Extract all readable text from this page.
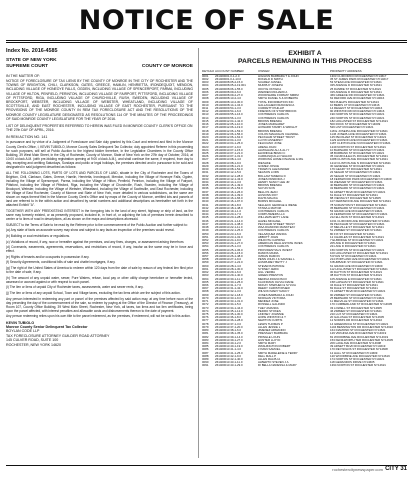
NOTICE OF SALE
Index No. 2016-4585
STATE OF NEW YORK
SUPREME COURT
	COUNTY OF MONROE
IN THE MATTER OF:
NOTICE OF FORECLOSURE OF TAX LIENS BY THE COUNTY OF MONROE IN THE CITY OF ROCHESTER AND THE TOWNS OF BRIGHTON, CHILI, CLARKSON, GATES, GREECE, HAMLIN, HENRIETTA, IRONDEQUOIT, MENDON, INCLUDING VILLAGE OF HONEOYE FALLS, OGDEN, INCLUDING VILLAGE OF SPENCERPORT, PARMA, INCLUDING VILLAGE OF HILTON, PENFIELD, PERINTON, INCLUDING VILLAGE OF FAIRPORT, PITTSFORD, INCLUDING VILLAGE OF PITTSFORD, RIGA, INCLUDING VILLAGE OF CHURCHVILLE, RUSH, SWEDEN, INCLUDING VILLAGE OF BROCKPORT, WEBSTER, INCLUDING VILLAGE OF WEBSTER, WHEATLAND, INCLUDING VILLAGE OF SCOTTSVILLE, AND EAST ROCHESTER, INCLUDING VILLAGE OF EAST ROCHESTER, PURSUANT TO THE PROVISIONS OF THE MONROE COUNTY IN REM TAX FORECLOSURE ACT AND THE RESOLUTIONS OF THE MONROE COUNTY LEGISLATURE DESIGNATED AS RESOLUTIONS 114 OF THE MINUTES OF THE PROCEEDINGS OF SAID MONROE COUNTY LEGISLATURE FOR THE YEAR OF 2016.
LIST OF DELINQUENT PROPERTIES REFERRED TO HEREIN WAS FILED IN MONROE COUNTY CLERK'S OFFICE ON THE 27th DAY OF APRIL, 2016.
IN REM ACTION NO. 141

In pursuance and by virtue of a Judgment of Foreclosure and Sale duly granted by this Court and entered and filed in the Monroe County Clerk's Office, I, KEVIN TUBIOLO, Monroe County Sales Delinquent Tax Collector, duly appointed Referee in this proceeding for such purposes, will sell at Public Auction to the highest bidder therefore, in the Legislative Chambers in the County Office Building, 39 West Main Street, in the City of Rochester, County of Monroe, State of New York on the 27th day of October, 2016, at 10:00 o'clock A.M. (with pre-bidding registration opening at 9:00 o'clock A.M.), and shall continue the same, if required, from day to day, excepting and omitting Saturdays, Sundays and public or legal holidays, the premises directed and in pursuance to be sold and designated in said judgment described as follows:

ALL THE FOLLOWING LOTS, PARTS OF LOTS AND PARCELS OF LAND, situate in the City of Rochester and the Towns of Brighton, Chili, Clarkson, Gates, Greece, Hamlin, Henrietta, Irondequoit, Mendon, including the Village of Honeoye Falls, Ogden, including the Village of Spencerport, Parma, including the Village of Hilton, Penfield, Perinton, including the Village of Fairport, Pittsford, including the Village of Pittsford, Riga, including the Village of Churchville, Rush, Sweden, including the Village of Brockport, Webster, including the Village of Webster, Wheatland, including the Village of Scottsville, and East Rochester, including the Village of East Rochester, County of Monroe and State of New York, more detailed in various subdivisions, as the same are shown on maps thereof filed in the Monroe County Clerk's Office and by maps of the County of Monroe, certified lots and parcels of land are referred to in the within action and described by serial numbers and additional descriptions as hereinafter set forth in the attached Exhibit "A".

TOGETHER WITH ANY PREEXISTING INTEREST in the foregoing lots in the land of any street, highway or strip of land, as the same may formerly existed, or as presently proposed, included in, in front of, or adjoining the lots of premises herein described to center or to lines of road in descriptions, all as shown on the maps and descriptions aforesaid.

SUBJECT to the Terms of Sale to be read by the Referee prior to the commencement of the Public Auction and further subject to:

(a) Any state of facts an accurate survey may show and subject to any facts an inspection of the premises would reveal.

(b) Building or zoal restrictions or regulations.

(c) Violations of record, if any, now or hereafter against the premises, and any fines, charges, or assessment arising therefrom.

(d) Covenants, easements, agreements, reservations, and restrictions of record, if any, insofar as the same may be in force and effect.

(e) Rights of tenants and/or occupants in possession if any.

(f) Security Agreements, conditional bills of sale and chattel mortgages, if any.

(g) The right of the United States of America to redeem within 120 days from the date of sale by reason of any federal lien filed prior to the date of sale, if any.

(h) The amount of any unpaid water, sewer, Pure Waters, refuse, local pay or other utility charge heretofore or hereafter levied, assessed or accrued against or with respect to such parcel.

(i) The lien or liens of unpaid City of Rochester taxes, assessments, water and sewer rents, if any.

(j) The lien or liens of any unpaid School, Town and Village taxes, excluding the tax liens which are the subject of this action.

Any person interested in redeeming any part or parcel of the premises affected by said action may, at any time before noon of the day preceding the day of the commencement of the sale, so redeem by paying at the Office of the Director of Finance (Treasury), at Room 107, County Office Building, 39 West Main Street, Rochester, New York, all taxes, tax liens and tax lien certificates, being upon the parcel affected, with interest penalties and allowable costs and disbursements thereon to the date of payment.

Any person redeeming relies upon his own title to the parcel redeemed, as the premises, if redeemed, will not be sold in this action.

KEVIN TUBIOLO
Monroe County Senior Delinquent Tax Collector
BOYLAN CODE LLP
TAX FORECLOSURE ATTORNEY GUILDER ROAD ATTORNEY
145 CULVER ROAD, SUITE 100
ROCHESTER, NEW YORK 14620
EXHIBIT A
PARCELS REMAINING IN THIS PROCESS
DETAIL# ACCOUNT NUMBER	OWNER	PROPERTY ADDRESS
0001	261400001.0-1-2.0	HIGGINS BARBARA T & JOHN	1303 CLIFFORD D ROCHESTER NY14617
0002	261400001.0-1-13.0	RONALD D SMITH	35 ST JAMES PARK ROCHESTER NY14617
0003	261400008.05-2-15.0	SUAREZ JANSEL	53 STEAD AVE ROCHESTER NY14621
0004	261400008.05-2-19.001	MURPHY JOSEPH	325 AVENUE D ROCHESTER NY14621
0005	261400008.06-1-55.0	OKOYE ONYEKA	25 DANBIE ST ROCHESTER NY14621
0006	261400008.09-2-6.0	WARREN RICHARD A	315 AVENUE D ROCHESTER NY14621
0007	261400008.09-2-27.0	WOODSHIRE FORMAT NMRM	469 GREECE RD ROCHESTER NY14621
0008	261400008.13-2-4.0	SMITH DANIEL S & ROBERTA	62 REFORD AVE ROCHESTER NY14616
0009	261400008.13-2-30.0	TOTAL INFORMATION INC	563 PHELPS ROCHESTER NY14613
0010	261400008.14-1-34.0	GALLAGHER FRANCESCA	10 BEMIS CT ROCHESTER NY14616
0011	261400009.54-1-3.0	CURRETTI PHILLIP	14 REGENT ST ROCHESTER NY14616
0012	261400009.54-1-6.0	FRIENDS OF STORYBROOK	90 WINSTON RD ROCHESTER NY14616
0013	261400009.55-1-16.0	CONTRERAS CARLOS	190 NORTON ST ROCHESTER NY14621
0014	261400009.56-1-3.0	CONTRERAS CARLOS	240 NORTON ST ROCHESTER NY14621
0015	261400012.04-1-42.0	BROWN BRENDA	182 HOLLISTER ST ROCHESTER NY14621
0016	261400012.05-1-10.0	JONES MARGARET	500 ROCK ST ROCHESTER NY14609
0017	261400012.06-1-19.0	HOWARD TAMMY & WRIGHT	526 LIST ROCHESTER NY14621
0018	261400012.06-1-53.0	BROWN BRENDA	118 E JOSEPH AVE ROCHESTER NY14621
0019	261400012.06-1-56.0	COLON MAGDALIN CHANDEL	1146 JOSEPH AVE ROCHESTER NY14621
0020	261400012.06-1-62.0	PECKHAM STREET TRUST	125 PECKHAM ST ROCHESTER NY14621
0021	261400013.04-1-3.0	LLOYD ASSEMSIY	1129 HUDSON AVE ROCHESTER NY14621
0022	261400013.04-1-25.0	FELICIANO JOSE	1187 CLINTON AVE N ROCHESTER NY14621
0023	261400013.07-1-9.0	ARENA JOAN	1249 NORTON ST ROCHESTER NY14621
0024	261400013.07-1-15.0	ALMIGHANI ALI & ALI Y	10 BARNARD ST ROCHESTER NY14621
0025	261400013.07-1-21.0	ELDRIDGE BRIAN C	38 BURBANK ST ROCHESTER NY14621
0026	261400013.07-1-31.0	CARRASQUILLO WALDO	35 CHURCHLEA PL ROCHESTER NY14621
0027	261400013.08-1-4.0	WORKING HOME FINANCE & MG	1088 CLINTON AVE ROCHESTER NY14621
0028	261400013.08-1-9.0	RIESHKE	1213 CLINTON AVE N ROCHESTER NY14621
0029	261400013.08-1-21.0	GOMEZ JOSUE	30 GENESEE ST ROCHESTER NY14621
0030	261400013.08-1-52.0	TRAWN S ALEXANDER	176 GEARY ST ROCHESTER NY14621
0031	261400013.12-1-5.0	SEASON LORN	22 SEGAR ST ROCHESTER NY14621
0032	261400013.12-1-28.0	BOLLAM TAMEKIA D	20 SEGAR ST ROCHESTER NY14621
0033	261400013.12-1-43.0	JONES PANDORA J	18 FERNWOOD PARK ROCHESTER NY14609
0034	261400013.14-1-3.0	HENRY NANCY LEE JR	94 WEAVER ST ROCHESTER NY14621
0035	261400013.15-1-49.0	BROWN BRENDA	40 BERNARD ST ROCHESTER NY14621
0036	261400013.15-1-53.0	SAYUN SON	32 BERNARD ST ROCHESTER NY14621
0037	261400013.16-1-26.0	BELLOS JEAN	62 ARNETT BLVD ROCHESTER NY14621
0038	261400013.16-1-39.0	HUSKINS ROY	61 DALE ST ROCHESTER NY14621
0039	261400013.16-1-66.0	DAVIS MALIKA	88 VIENNA ST ROCHESTER NY14605
0040	261400013.16-1-97.0	BURNS MICHAEL	107 FERNWOOD AVE ROCHESTER NY14621
0041	261400013.18-1-8.0	SELLECK GEORGE & IRENE	78 SCRANTOM ST ROCHESTER NY14621
0042	261400013.18-1-48.0	TATAVLA MATOZI	35 BERNARD ST ROCHESTER NY14621
0043	261400013.19-1-1.0	CONTRERAS CARLOS	53 GRAND AVE ROCHESTER NY14621
0044	261400013.20-1-7.0	CORPUSMERS LLC	22 FERNWOOD ST ROCHESTER NY14621
0045	261400013.20-1-28.0	WILLIAMS ERTY LANE	212 ELLISON ST ROCHESTER NY14621
0046	261400013.21-1-14.0	HAZEL MICHAEL	1031 CLIFFORD AVE ROCHESTER NY14621
0047	261400013.21-1-38.0	PECKHAM STREET TRUST	99 PECKHAM ST ROCHESTER NY14621
0048	261400013.22-1-11.0	WAA DIAMOND MANKTEAY	47 MELVILLE ST ROCHESTER NY14621
0049	261400013.22-1-25.0	CONTRERAS CARLOS	51 ZIMMER ST ROCHESTER NY14621
0050	261400013.23-1-6.0	VELAZQUEZ WANDA	80 FIX ST ROCHESTER NY14621
0051	261400013.23-1-32.0	ABBOTT JOHN	12 CHARLES ST ROCHESTER NY14621
0052	261400013.24-1-9.0	WILDOTH CAPRINA	7 ELBRIDGE ST ROCHESTER NY14621
0053	261400013.24-1-27.0	AMERICAN REAL ESTATE INVES	205 AVE D ROCHESTER NY14621
0054	261400013.25-1-3.0	CONTRERAS CARLOS	221 AVE D ROCHESTER NY14621
0055	261400013.25-1-36.0	PROVIDENTIALS INVEST	156 NORTON ST ROCHESTER NY14621
0056	261400013.26-1-15.0	RAMOS MARIA	100 HOLLISTER ST ROCHESTER NY14621
0057	261400013.26-1-48.0	OZDAN RAMON	5 RYAN ST ROCHESTER NY14621
0058	261400013.27-1-9.0	PENN JOHN J & SAMUEL L	214 PORTLAND AVE ROCHESTER NY14621
0059	261400013.27-1-22.0	HUMPHREY BETTY J	6 BURBANK ST ROCHESTER NY14621
0060	261400013.28-1-4.0	STEVENS PATRICE	61 GRAND AVE ROCHESTER NY14609
0061	261400013.28-1-30.0	SYDNEY JERIC	112 HOLLISTER ST ROCHESTER NY14621
0062	261400013.29-1-6.0	HILL VERMA	30 DAYTON ST ROCHESTER NY14621
0063	261400013.29-1-40.0	GREEN PRESTON	38 DAYTON ST ROCHESTER NY14621
0064	261400013.30-1-11.0	MEDINA FRANCISCO	105 AVENUE E ROCHESTER NY14621
0065	261400013.30-1-25.0	KAUFFMAN OLIVIA DIANE	158 LAPHAM ST ROCHESTER NY14621
0066	261400013.31-1-7.0	MCKAY STEPHEN & SYLVIA	34 DALE ST ROCHESTER NY14621
0067	261400013.31-1-42.0	REEDY CHRISTOPHER	82 DALE ST ROCHESTER NY14621
0068	261400013.32-1-3.0	WILSON MARY NANCY	74 ARNETT BLVD ROCHESTER NY14621
0069	261400013.32-1-18.0	JONES BARBARA & JOHN	90 ZIMMER ST ROCHESTER NY14621
0070	261400013.33-1-9.0	MORGAN VICTORIA	25 BERNARD ST ROCHESTER NY14621
0071	261400013.33-1-31.0	MENDEZ JOSE	11 MELVILLE ST ROCHESTER NY14621
0072	261400013.34-1-5.0	ROSSELL GALINDO	170 CUMBERLAND ST ROCHESTER NY14605
0073	261400013.34-1-44.0	THEY AMANDA	33 LOWELL ST ROCHESTER NY14605
0074	261400013.35-1-12.0	PEDRO STOKES	46 ZIMMER ST ROCHESTER NY14621
0075	261400013.35-1-30.0	LINDSEY JOHNNIE	210 LUX ST ROCHESTER NY14621
0076	261400013.36-1-8.0	HOPE WINSTON & T	20 GALUSHA ST ROCHESTER NY14605
0077	261400013.36-1-28.0	NEWTON CURTIS	12 NORRIS DR ROCHESTER NY14610
0078	261400013.37-1-3.0	LEWIS THOMAS P	14 GREENWICH ST ROCHESTER NY14621
0079	261400013.37-1-20.0	ALLEN JESSIE L	1104 BENNINGTON DR ROCHESTER NY14616
0080	261400013.38-1-6.0	JIMENEZ ARMANDO	164 DIAMOND ST ROCHESTER NY14621
0081	261400013.38-1-35.0	PRESSLEY BARBARA	129 VIRGINIA AVE ROCHESTER NY14619
0082	261400013.39-1-14.0	PRINGLE LOUIS	81 WOODBINE AVE ROCHESTER NY14619
0083	261400013.39-1-27.0	HUNTER LLOYD	153 KENILWORTH TER ROCHESTER NY14605
0084	261400013.40-1-2.0	SMITH MARY	206 LAKE AVE ROCHESTER NY14608
0085	261400013.40-1-19.0	WASHINGTON ROBERT	39 ARNETT BLVD ROCHESTER NY14619
0086	261400013.41-1-4.0	LYMAN SAMUEL	170 REYNOLDS ST ROCHESTER NY14608
0087	261400013.41-1-25.0	SMITH MADELEINE & TERRY	12 HALL ST ROCHESTER NY14609
0088	261400013.42-1-9.0	DELL MALL P	120 WOODBINE AVE ROCHESTER NY14619
0089	261400013.42-1-40.0	ALLEN RALPH A	174 NORTON ST ROCHESTER NY14621
0090	261400013.43-1-11.0	ALBERTO STEVEN J A	118 GERANDOS DRIVE NY14605
0091	261400013.43-1-29.0	DI BELLA NADESSA & MARY	1394 NORTON ST ROCHESTER NY14621
rochestercitynewspaper.com CITY 31
